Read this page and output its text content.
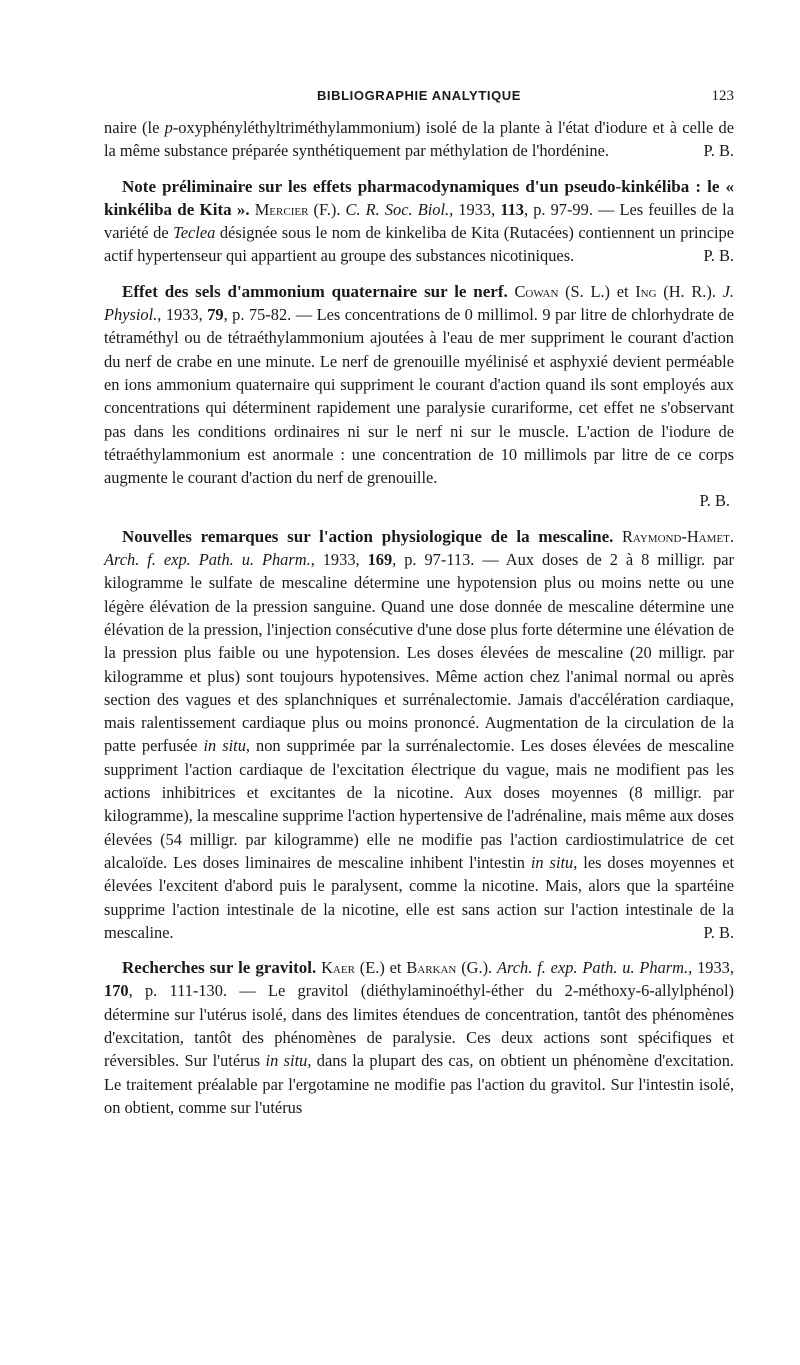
BIBLIOGRAPHIE ANALYTIQUE	123

naire (le p-oxyphényléthyltriméthylammonium) isolé de la plante à l'état d'iodure et à celle de la même substance préparée synthétiquement par méthylation de l'hordénine.	P. B.

Note préliminaire sur les effets pharmacodynamiques d'un pseudo-kinkéliba : le « kinkéliba de Kita ». Mercier (F.). C. R. Soc. Biol., 1933, 113, p. 97-99. — Les feuilles de la variété de Teclea désignée sous le nom de kinkeliba de Kita (Rutacées) contiennent un principe actif hypertenseur qui appartient au groupe des substances nicotiniques.	P. B.

Effet des sels d'ammonium quaternaire sur le nerf. Cowan (S. L.) et Ing (H. R.). J. Physiol., 1933, 79, p. 75-82. — Les concentrations de 0 millimol. 9 par litre de chlorhydrate de tétraméthyl ou de tétraéthylammonium ajoutées à l'eau de mer suppriment le courant d'action du nerf de crabe en une minute. Le nerf de grenouille myélinisé et asphyxié devient perméable en ions ammonium quaternaire qui suppriment le courant d'action quand ils sont employés aux concentrations qui déterminent rapidement une paralysie curariforme, cet effet ne s'observant pas dans les conditions ordinaires ni sur le nerf ni sur le muscle. L'action de l'iodure de tétraéthylammonium est anormale : une concentration de 10 millimols par litre de ce corps augmente le courant d'action du nerf de grenouille.
P. B.

Nouvelles remarques sur l'action physiologique de la mescaline. Raymond-Hamet. Arch. f. exp. Path. u. Pharm., 1933, 169, p. 97-113. — Aux doses de 2 à 8 milligr. par kilogramme le sulfate de mescaline détermine une hypotension plus ou moins nette ou une légère élévation de la pression sanguine. Quand une dose donnée de mescaline détermine une élévation de la pression, l'injection consécutive d'une dose plus forte détermine une élévation de la pression plus faible ou une hypotension. Les doses élevées de mescaline (20 milligr. par kilogramme et plus) sont toujours hypotensives. Même action chez l'animal normal ou après section des vagues et des splanchniques et surrénalectomie. Jamais d'accélération cardiaque, mais ralentissement cardiaque plus ou moins prononcé. Augmentation de la circulation de la patte perfusée in situ, non supprimée par la surrénalectomie. Les doses élevées de mescaline suppriment l'action cardiaque de l'excitation électrique du vague, mais ne modifient pas les actions inhibitrices et excitantes de la nicotine. Aux doses moyennes (8 milligr. par kilogramme), la mescaline supprime l'action hypertensive de l'adrénaline, mais même aux doses élevées (54 milligr. par kilogramme) elle ne modifie pas l'action cardiostimulatrice de cet alcaloïde. Les doses liminaires de mescaline inhibent l'intestin in situ, les doses moyennes et élevées l'excitent d'abord puis le paralysent, comme la nicotine. Mais, alors que la spartéine supprime l'action intestinale de la nicotine, elle est sans action sur l'action intestinale de la mescaline.	P. B.

Recherches sur le gravitol. Kaer (E.) et Barkan (G.). Arch. f. exp. Path. u. Pharm., 1933, 170, p. 111-130. — Le gravitol (diéthylaminoéthyl-éther du 2-méthoxy-6-allylphénol) détermine sur l'utérus isolé, dans des limites étendues de concentration, tantôt des phénomènes d'excitation, tantôt des phénomènes de paralysie. Ces deux actions sont spécifiques et réversibles. Sur l'utérus in situ, dans la plupart des cas, on obtient un phénomène d'excitation. Le traitement préalable par l'ergotamine ne modifie pas l'action du gravitol. Sur l'intestin isolé, on obtient, comme sur l'utérus
